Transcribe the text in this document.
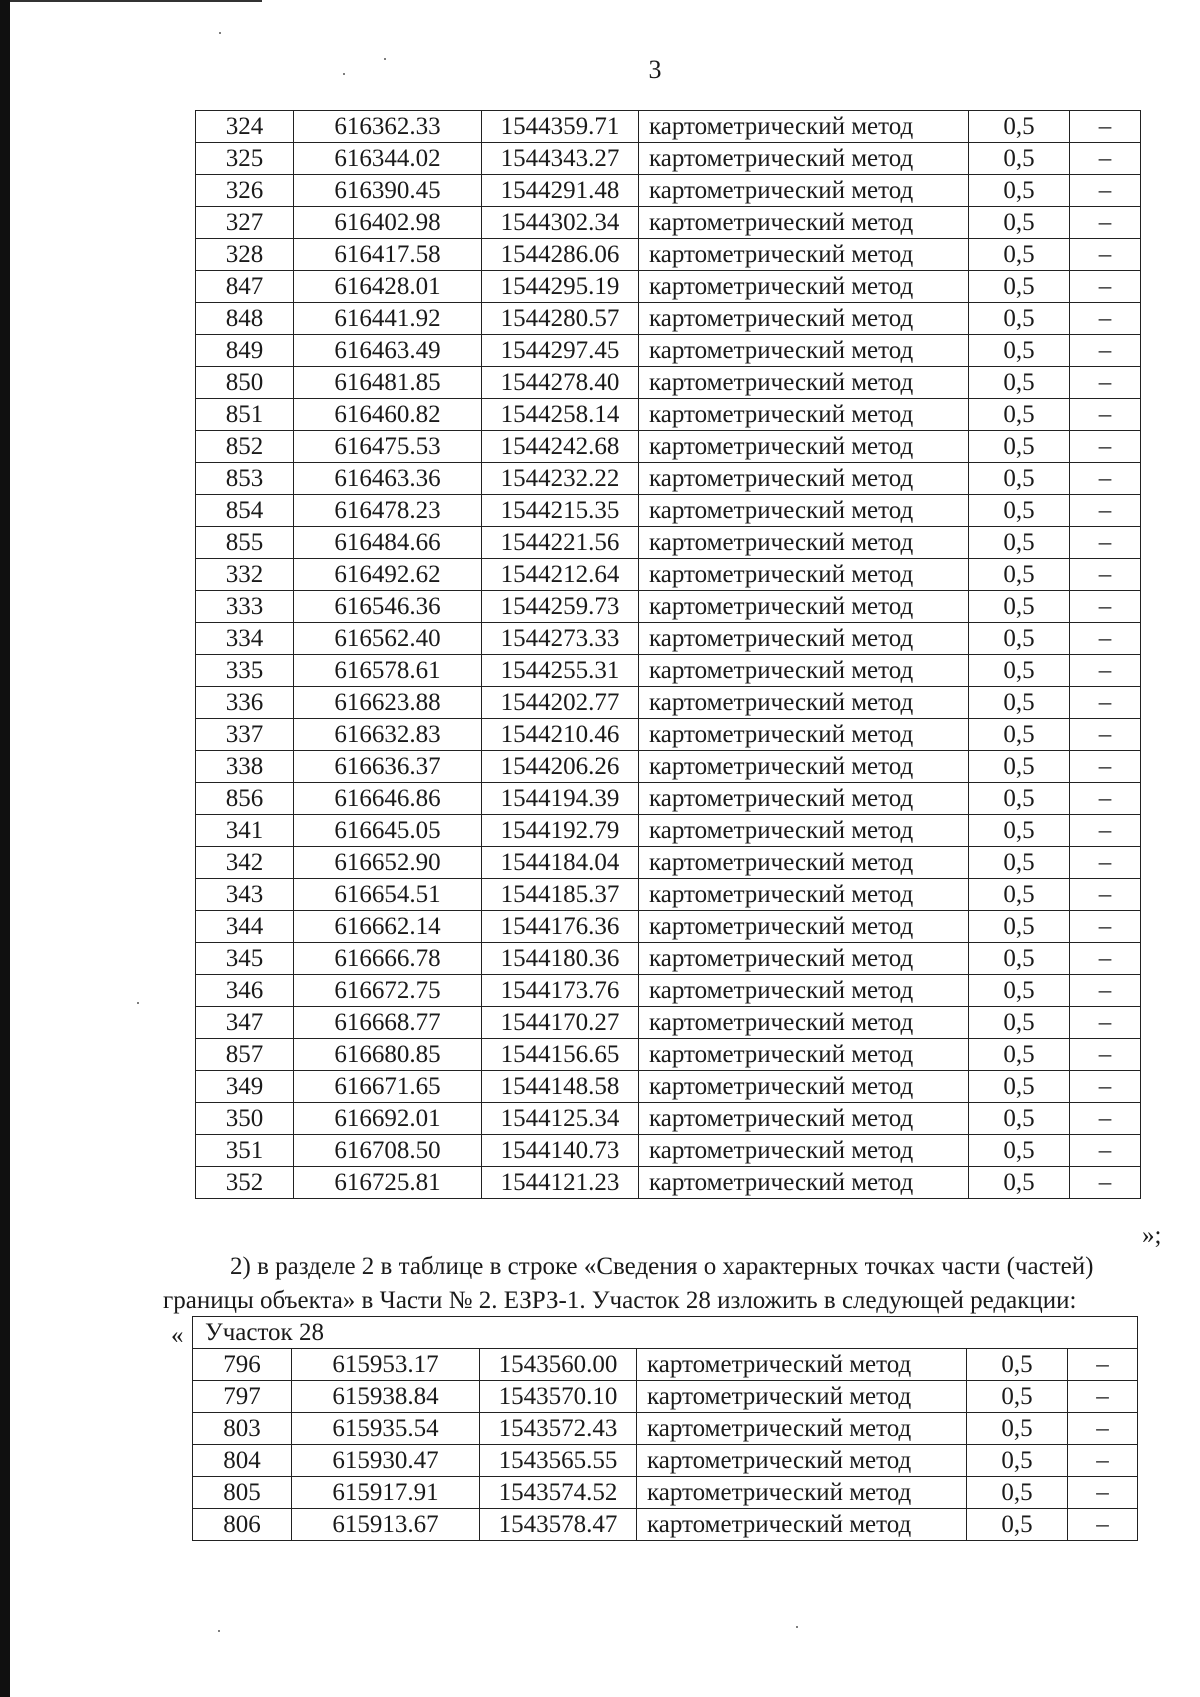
3
324	616362.33	1544359.71	картометрический метод	0,5	–
325	616344.02	1544343.27	картометрический метод	0,5	–
326	616390.45	1544291.48	картометрический метод	0,5	–
327	616402.98	1544302.34	картометрический метод	0,5	–
328	616417.58	1544286.06	картометрический метод	0,5	–
847	616428.01	1544295.19	картометрический метод	0,5	–
848	616441.92	1544280.57	картометрический метод	0,5	–
849	616463.49	1544297.45	картометрический метод	0,5	–
850	616481.85	1544278.40	картометрический метод	0,5	–
851	616460.82	1544258.14	картометрический метод	0,5	–
852	616475.53	1544242.68	картометрический метод	0,5	–
853	616463.36	1544232.22	картометрический метод	0,5	–
854	616478.23	1544215.35	картометрический метод	0,5	–
855	616484.66	1544221.56	картометрический метод	0,5	–
332	616492.62	1544212.64	картометрический метод	0,5	–
333	616546.36	1544259.73	картометрический метод	0,5	–
334	616562.40	1544273.33	картометрический метод	0,5	–
335	616578.61	1544255.31	картометрический метод	0,5	–
336	616623.88	1544202.77	картометрический метод	0,5	–
337	616632.83	1544210.46	картометрический метод	0,5	–
338	616636.37	1544206.26	картометрический метод	0,5	–
856	616646.86	1544194.39	картометрический метод	0,5	–
341	616645.05	1544192.79	картометрический метод	0,5	–
342	616652.90	1544184.04	картометрический метод	0,5	–
343	616654.51	1544185.37	картометрический метод	0,5	–
344	616662.14	1544176.36	картометрический метод	0,5	–
345	616666.78	1544180.36	картометрический метод	0,5	–
346	616672.75	1544173.76	картометрический метод	0,5	–
347	616668.77	1544170.27	картометрический метод	0,5	–
857	616680.85	1544156.65	картометрический метод	0,5	–
349	616671.65	1544148.58	картометрический метод	0,5	–
350	616692.01	1544125.34	картометрический метод	0,5	–
351	616708.50	1544140.73	картометрический метод	0,5	–
352	616725.81	1544121.23	картометрический метод	0,5	–
»;
2) в разделе 2 в таблице в строке «Сведения о характерных точках части (частей)
границы объекта» в Части № 2. ЕЗРЗ-1. Участок 28 изложить в следующей редакции:
« Участок 28					
796	615953.17	1543560.00	картометрический метод	0,5	–
797	615938.84	1543570.10	картометрический метод	0,5	–
803	615935.54	1543572.43	картометрический метод	0,5	–
804	615930.47	1543565.55	картометрический метод	0,5	–
805	615917.91	1543574.52	картометрический метод	0,5	–
806	615913.67	1543578.47	картометрический метод	0,5	–
